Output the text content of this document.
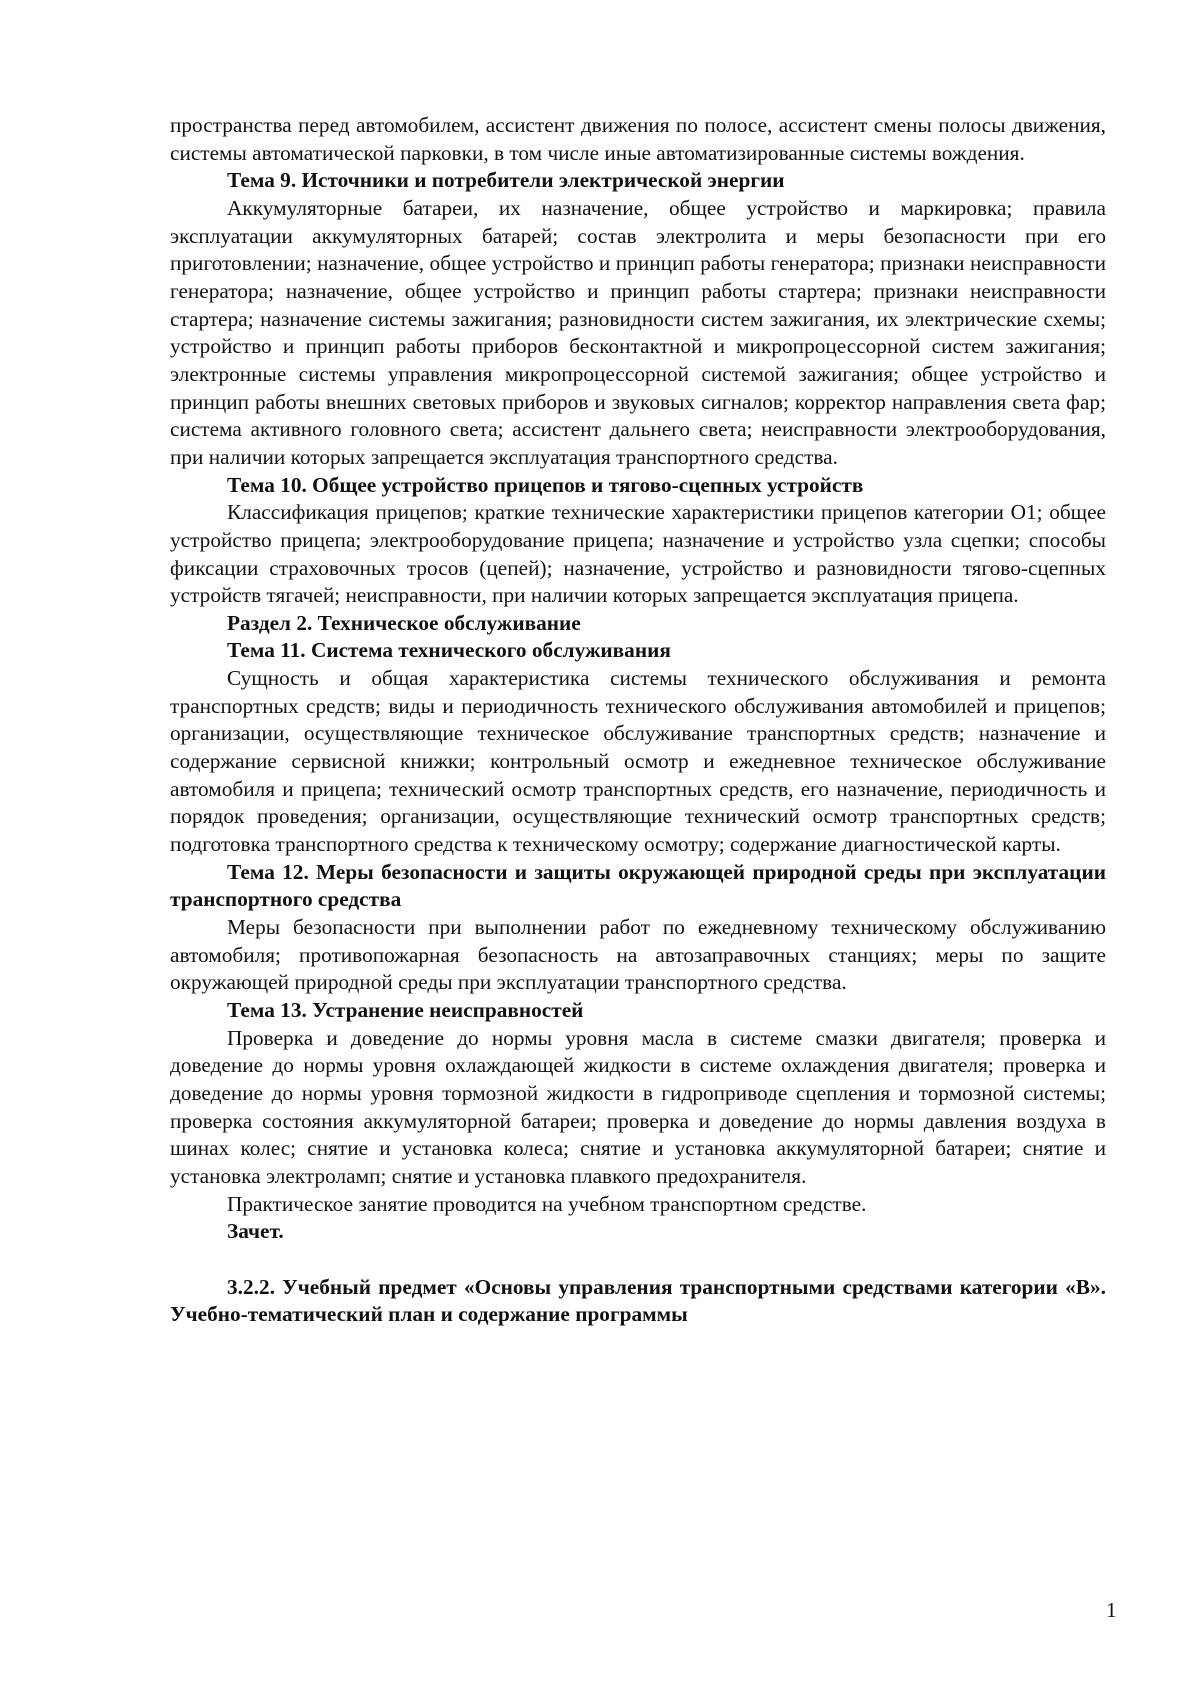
пространства перед автомобилем, ассистент движения по полосе, ассистент смены полосы движения, системы автоматической парковки, в том числе иные автоматизированные системы вождения.

Тема 9. Источники и потребители электрической энергии

Аккумуляторные батареи, их назначение, общее устройство и маркировка; правила эксплуатации аккумуляторных батарей; состав электролита и меры безопасности при его приготовлении; назначение, общее устройство и принцип работы генератора; признаки неисправности генератора; назначение, общее устройство и принцип работы стартера; признаки неисправности стартера; назначение системы зажигания; разновидности систем зажигания, их электрические схемы; устройство и принцип работы приборов бесконтактной и микропроцессорной систем зажигания; электронные системы управления микропроцессорной системой зажигания; общее устройство и принцип работы внешних световых приборов и звуковых сигналов; корректор направления света фар; система активного головного света; ассистент дальнего света; неисправности электрооборудования, при наличии которых запрещается эксплуатация транспортного средства.

Тема 10. Общее устройство прицепов и тягово-сцепных устройств

Классификация прицепов; краткие технические характеристики прицепов категории O1; общее устройство прицепа; электрооборудование прицепа; назначение и устройство узла сцепки; способы фиксации страховочных тросов (цепей); назначение, устройство и разновидности тягово-сцепных устройств тягачей; неисправности, при наличии которых запрещается эксплуатация прицепа.

Раздел 2. Техническое обслуживание

Тема 11. Система технического обслуживания

Сущность и общая характеристика системы технического обслуживания и ремонта транспортных средств; виды и периодичность технического обслуживания автомобилей и прицепов; организации, осуществляющие техническое обслуживание транспортных средств; назначение и содержание сервисной книжки; контрольный осмотр и ежедневное техническое обслуживание автомобиля и прицепа; технический осмотр транспортных средств, его назначение, периодичность и порядок проведения; организации, осуществляющие технический осмотр транспортных средств; подготовка транспортного средства к техническому осмотру; содержание диагностической карты.

Тема 12. Меры безопасности и защиты окружающей природной среды при эксплуатации транспортного средства

Меры безопасности при выполнении работ по ежедневному техническому обслуживанию автомобиля; противопожарная безопасность на автозаправочных станциях; меры по защите окружающей природной среды при эксплуатации транспортного средства.

Тема 13. Устранение неисправностей

Проверка и доведение до нормы уровня масла в системе смазки двигателя; проверка и доведение до нормы уровня охлаждающей жидкости в системе охлаждения двигателя; проверка и доведение до нормы уровня тормозной жидкости в гидроприводе сцепления и тормозной системы; проверка состояния аккумуляторной батареи; проверка и доведение до нормы давления воздуха в шинах колес; снятие и установка колеса; снятие и установка аккумуляторной батареи; снятие и установка электроламп; снятие и установка плавкого предохранителя.

Практическое занятие проводится на учебном транспортном средстве.

Зачет.

3.2.2. Учебный предмет «Основы управления транспортными средствами категории «B». Учебно-тематический план и содержание программы

1
